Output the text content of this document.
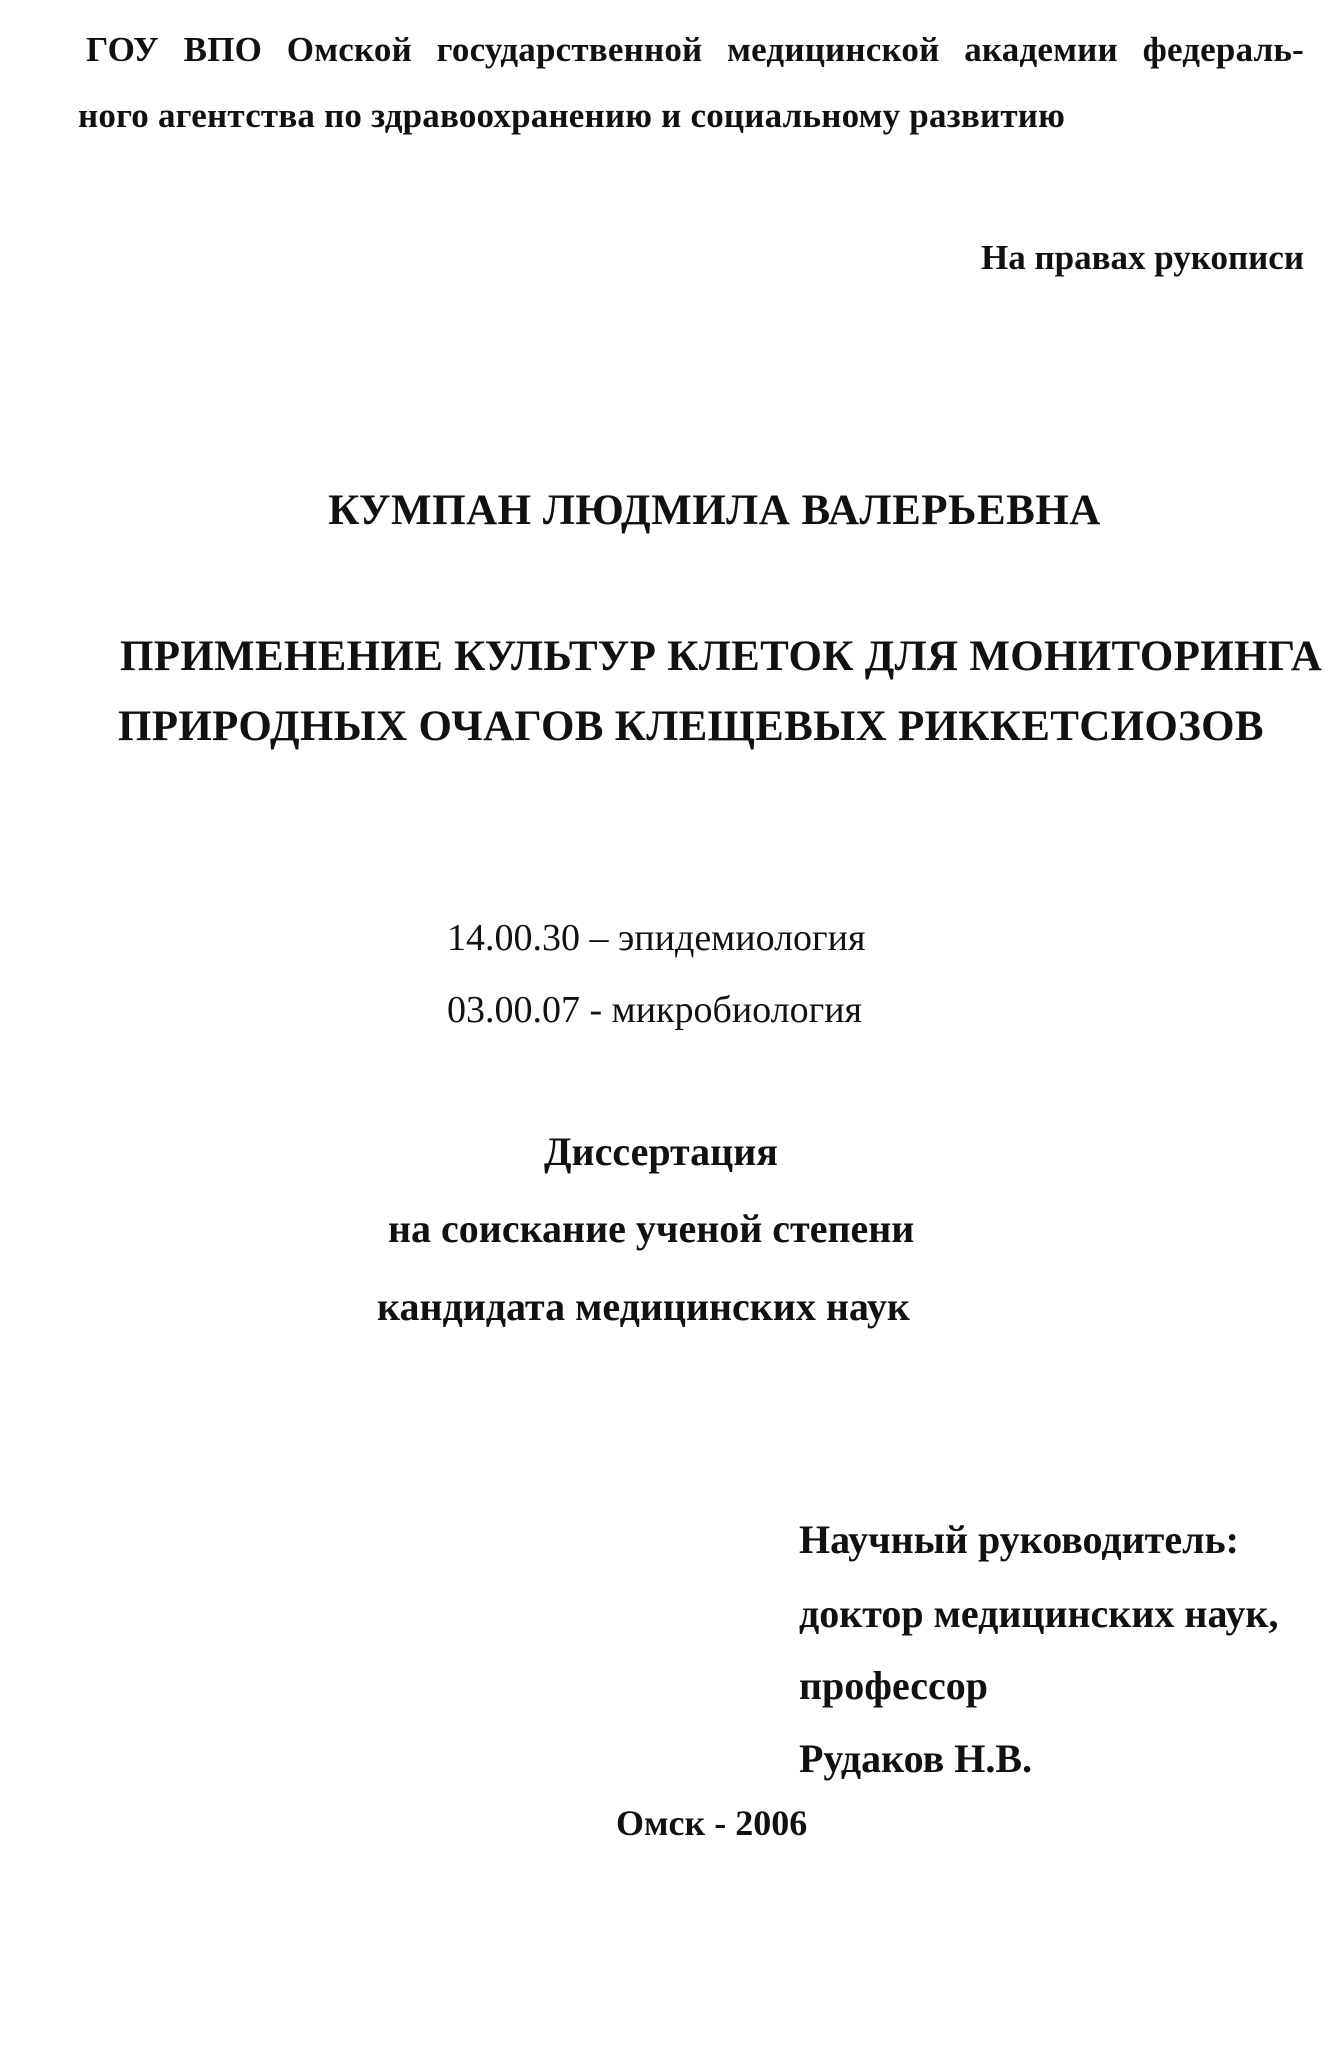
ГОУ ВПО Омской государственной медицинской академии федераль-

ного агентства по здравоохранению и социальному развитию

На правах рукописи

КУМПАН ЛЮДМИЛА ВАЛЕРЬЕВНА

ПРИМЕНЕНИЕ КУЛЬТУР КЛЕТОК ДЛЯ МОНИТОРИНГА

ПРИРОДНЫХ ОЧАГОВ КЛЕЩЕВЫХ РИККЕТСИОЗОВ

14.00.30 – эпидемиология

03.00.07 - микробиология

Диссертация

на соискание ученой степени

кандидата медицинских наук

Научный руководитель:

доктор медицинских наук,

профессор

Рудаков Н.В.

Омск - 2006
